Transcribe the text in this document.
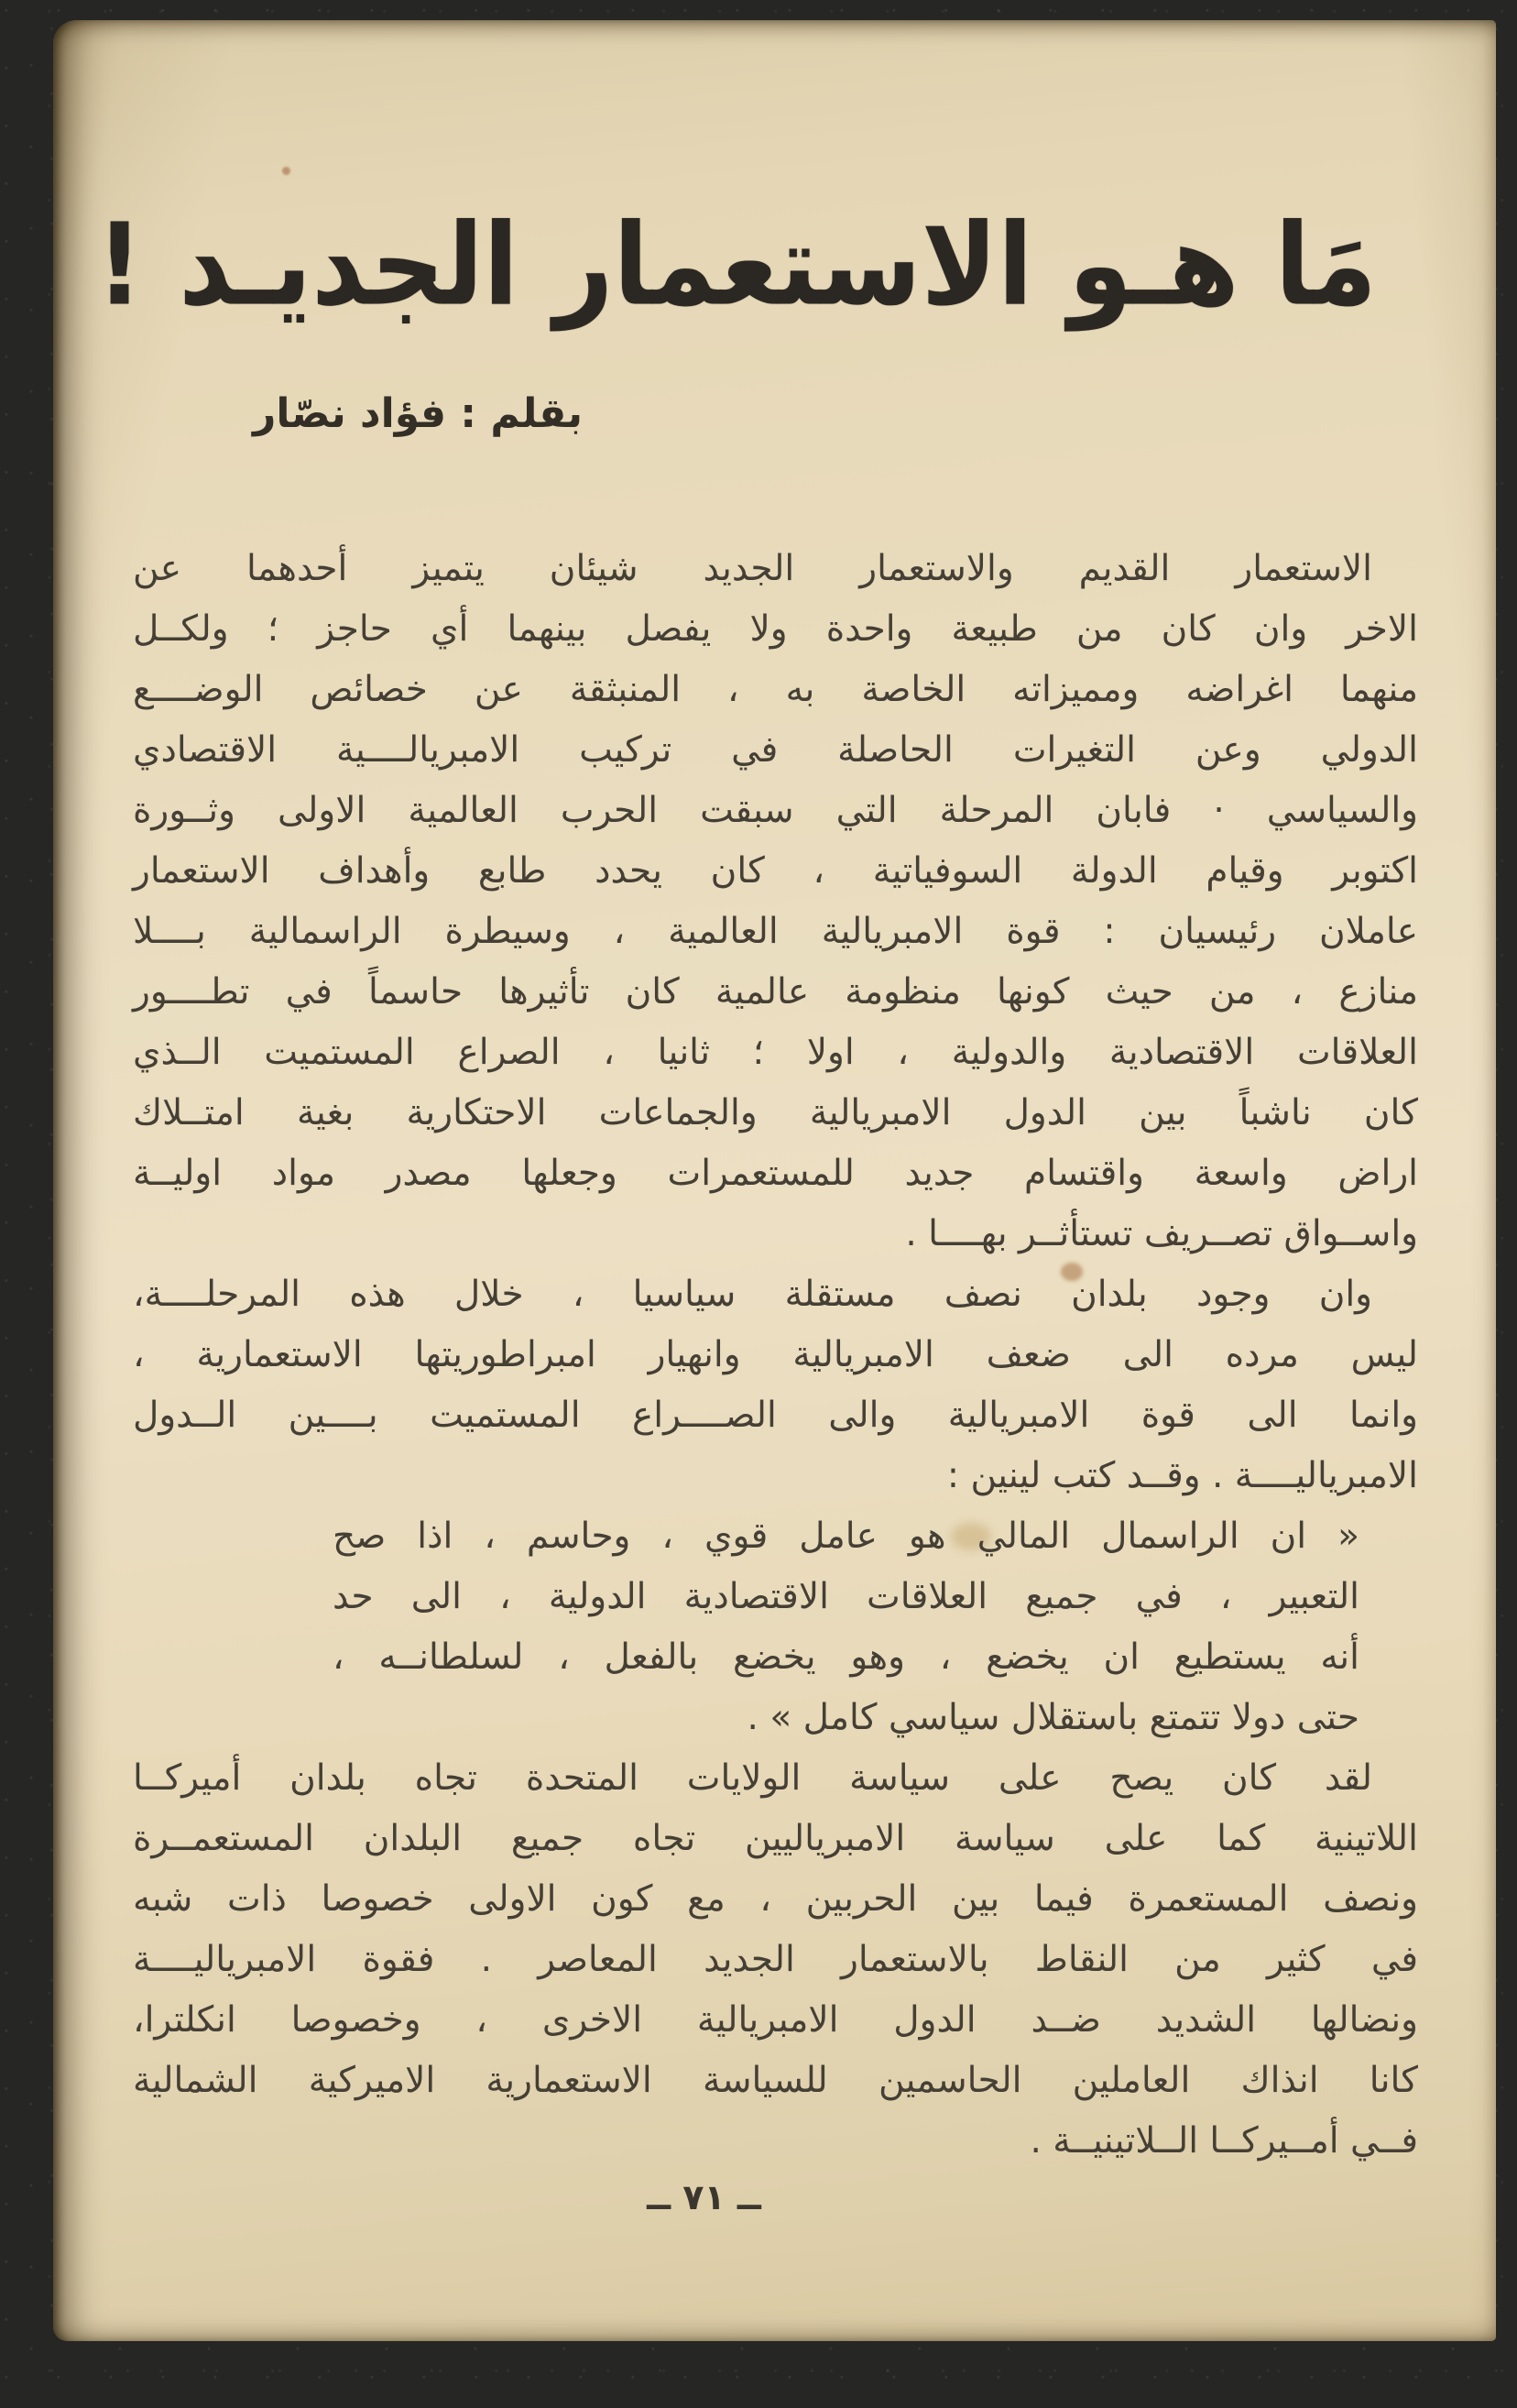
مَا هـو الاستعمار الجديـد !
بقلم : فؤاد نصّار
الاستعمار القديم والاستعمار الجديد شيئان يتميز أحدهما عن
الاخر وان كان من طبيعة واحدة ولا يفصل بينهما أي حاجز ؛ ولكــل
منهما اغراضه ومميزاته الخاصة به ، المنبثقة عن خصائص الوضــــع
الدولي وعن التغيرات الحاصلة في تركيب الامبريالــــية الاقتصادي
والسياسي · فابان المرحلة التي سبقت الحرب العالمية الاولى وثــورة
اكتوبر وقيام الدولة السوفياتية ، كان يحدد طابع وأهداف الاستعمار
عاملان رئيسيان : قوة الامبريالية العالمية ، وسيطرة الراسمالية بــــلا
منازع ، من حيث كونها منظومة عالمية كان تأثيرها حاسماً في تطــــور
العلاقات الاقتصادية والدولية ، اولا ؛ ثانيا ، الصراع المستميت الــذي
كان ناشباً بين الدول الامبريالية والجماعات الاحتكارية بغية امتــلاك
اراض واسعة واقتسام جديد للمستعمرات وجعلها مصدر مواد اوليــة
واســواق تصــريف تستأثــر بهــــا .
وان وجود بلدان نصف مستقلة سياسيا ، خلال هذه المرحلــــة،
ليس مرده الى ضعف الامبريالية وانهيار امبراطوريتها الاستعمارية ،
وانما الى قوة الامبريالية والى الصــــراع المستميت بــــين الــدول
الامبرياليــــة . وقــد كتب لينين :
« ان الراسمال المالي هو عامل قوي ، وحاسم ، اذا صح
التعبير ، في جميع العلاقات الاقتصادية الدولية ، الى حد
أنه يستطيع ان يخضع ، وهو يخضع بالفعل ، لسلطانــه ،
حتى دولا تتمتع باستقلال سياسي كامل » .
لقد كان يصح على سياسة الولايات المتحدة تجاه بلدان أميركــا
اللاتينية كما على سياسة الامبرياليين تجاه جميع البلدان المستعمــرة
ونصف المستعمرة فيما بين الحربين ، مع كون الاولى خصوصا ذات شبه
في كثير من النقاط بالاستعمار الجديد المعاصر . فقوة الامبرياليــــة
ونضالها الشديد ضــد الدول الامبريالية الاخرى ، وخصوصا انكلترا،
كانا انذاك العاملين الحاسمين للسياسة الاستعمارية الاميركية الشمالية
فــي أمــيركــا الــلاتينيــة .
ــ ٧١ ــ
